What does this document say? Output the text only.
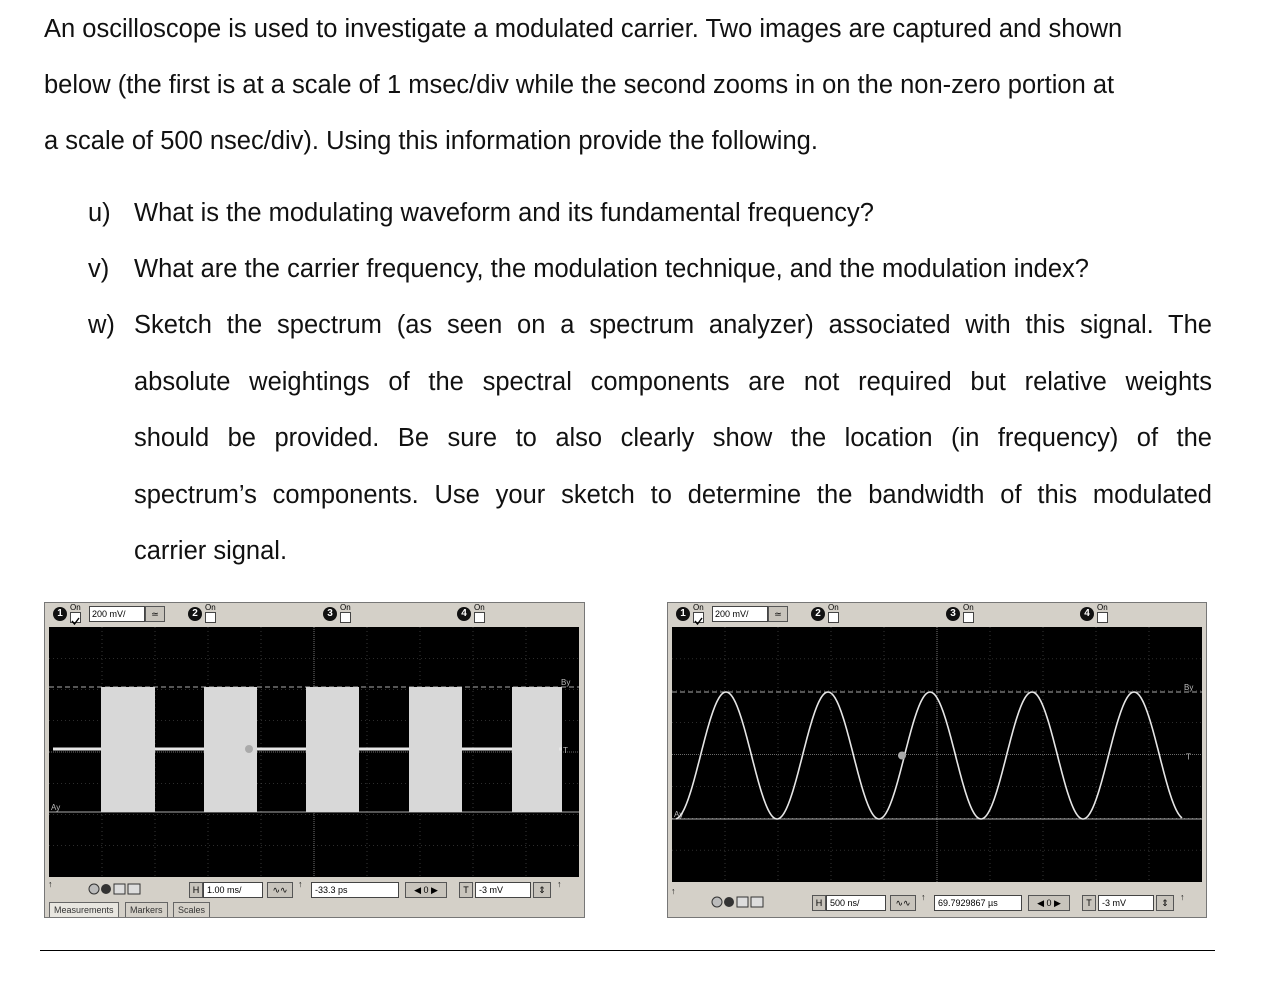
An oscilloscope is used to investigate a modulated carrier. Two images are captured and shown
below (the first is at a scale of 1 msec/div while the second zooms in on the non-zero portion at
a scale of 500 nsec/div). Using this information provide the following.
u) What is the modulating waveform and its fundamental frequency?
v) What are the carrier frequency, the modulation technique, and the modulation index?
w) Sketch the spectrum (as seen on a spectrum analyzer) associated with this signal. The
absolute weightings of the spectral components are not required but relative weights
should be provided. Be sure to also clearly show the location (in frequency) of the
spectrum’s components. Use your sketch to determine the bandwidth of this modulated
carrier signal.
1
On
200 mV/	≃	2
On
3
On
4
On
By
Ay
T
↑
H 1.00 ms/	∿∿
↑
-33.3 ps	◀ 0 ▶	T	-3 mV	⇕
↑
Measurements	Markers	Scales
1
On
200 mV/	≃	2
On
3
On
4
On
By
Ay
T
↑
H 500 ns/	∿∿
↑
69.7929867 µs	◀ 0 ▶	T	-3 mV	⇕
↑
